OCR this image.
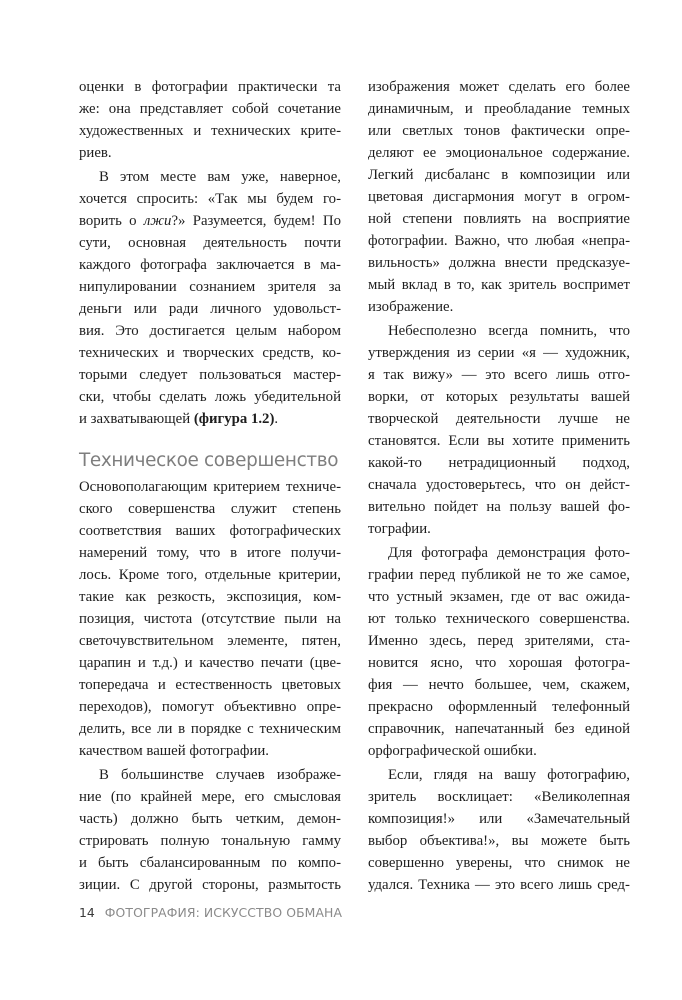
оценки в фотографии практически та
же: она представляет собой сочетание
художественных и технических крите-
риев.
В этом месте вам уже, наверное,
хочется спросить: «Так мы будем го-
ворить о лжи?» Разумеется, будем! По
сути, основная деятельность почти
каждого фотографа заключается в ма-
нипулировании сознанием зрителя за
деньги или ради личного удовольст-
вия. Это достигается целым набором
технических и творческих средств, ко-
торыми следует пользоваться мастер-
ски, чтобы сделать ложь убедительной
и захватывающей (фигура 1.2).
Техническое совершенство
Основополагающим критерием техниче-
ского совершенства служит степень
соответствия ваших фотографических
намерений тому, что в итоге получи-
лось. Кроме того, отдельные критерии,
такие как резкость, экспозиция, ком-
позиция, чистота (отсутствие пыли на
светочувствительном элементе, пятен,
царапин и т.д.) и качество печати (цве-
топередача и естественность цветовых
переходов), помогут объективно опре-
делить, все ли в порядке с техническим
качеством вашей фотографии.
В большинстве случаев изображе-
ние (по крайней мере, его смысловая
часть) должно быть четким, демон-
стрировать полную тональную гамму
и быть сбалансированным по компо-
зиции. С другой стороны, размытость
изображения может сделать его более
динамичным, и преобладание темных
или светлых тонов фактически опре-
деляют ее эмоциональное содержание.
Легкий дисбаланс в композиции или
цветовая дисгармония могут в огром-
ной степени повлиять на восприятие
фотографии. Важно, что любая «непра-
вильность» должна внести предсказуе-
мый вклад в то, как зритель воспримет
изображение.
Небесполезно всегда помнить, что
утверждения из серии «я — художник,
я так вижу» — это всего лишь отго-
ворки, от которых результаты вашей
творческой деятельности лучше не
становятся. Если вы хотите применить
какой-то нетрадиционный подход,
сначала удостоверьтесь, что он дейст-
вительно пойдет на пользу вашей фо-
тографии.
Для фотографа демонстрация фото-
графии перед публикой не то же самое,
что устный экзамен, где от вас ожида-
ют только технического совершенства.
Именно здесь, перед зрителями, ста-
новится ясно, что хорошая фотогра-
фия — нечто большее, чем, скажем,
прекрасно оформленный телефонный
справочник, напечатанный без единой
орфографической ошибки.
Если, глядя на вашу фотографию,
зритель восклицает: «Великолепная
композиция!» или «Замечательный
выбор объектива!», вы можете быть
совершенно уверены, что снимок не
удался. Техника — это всего лишь сред-
14 ФОТОГРАФИЯ: ИСКУССТВО ОБМАНА
